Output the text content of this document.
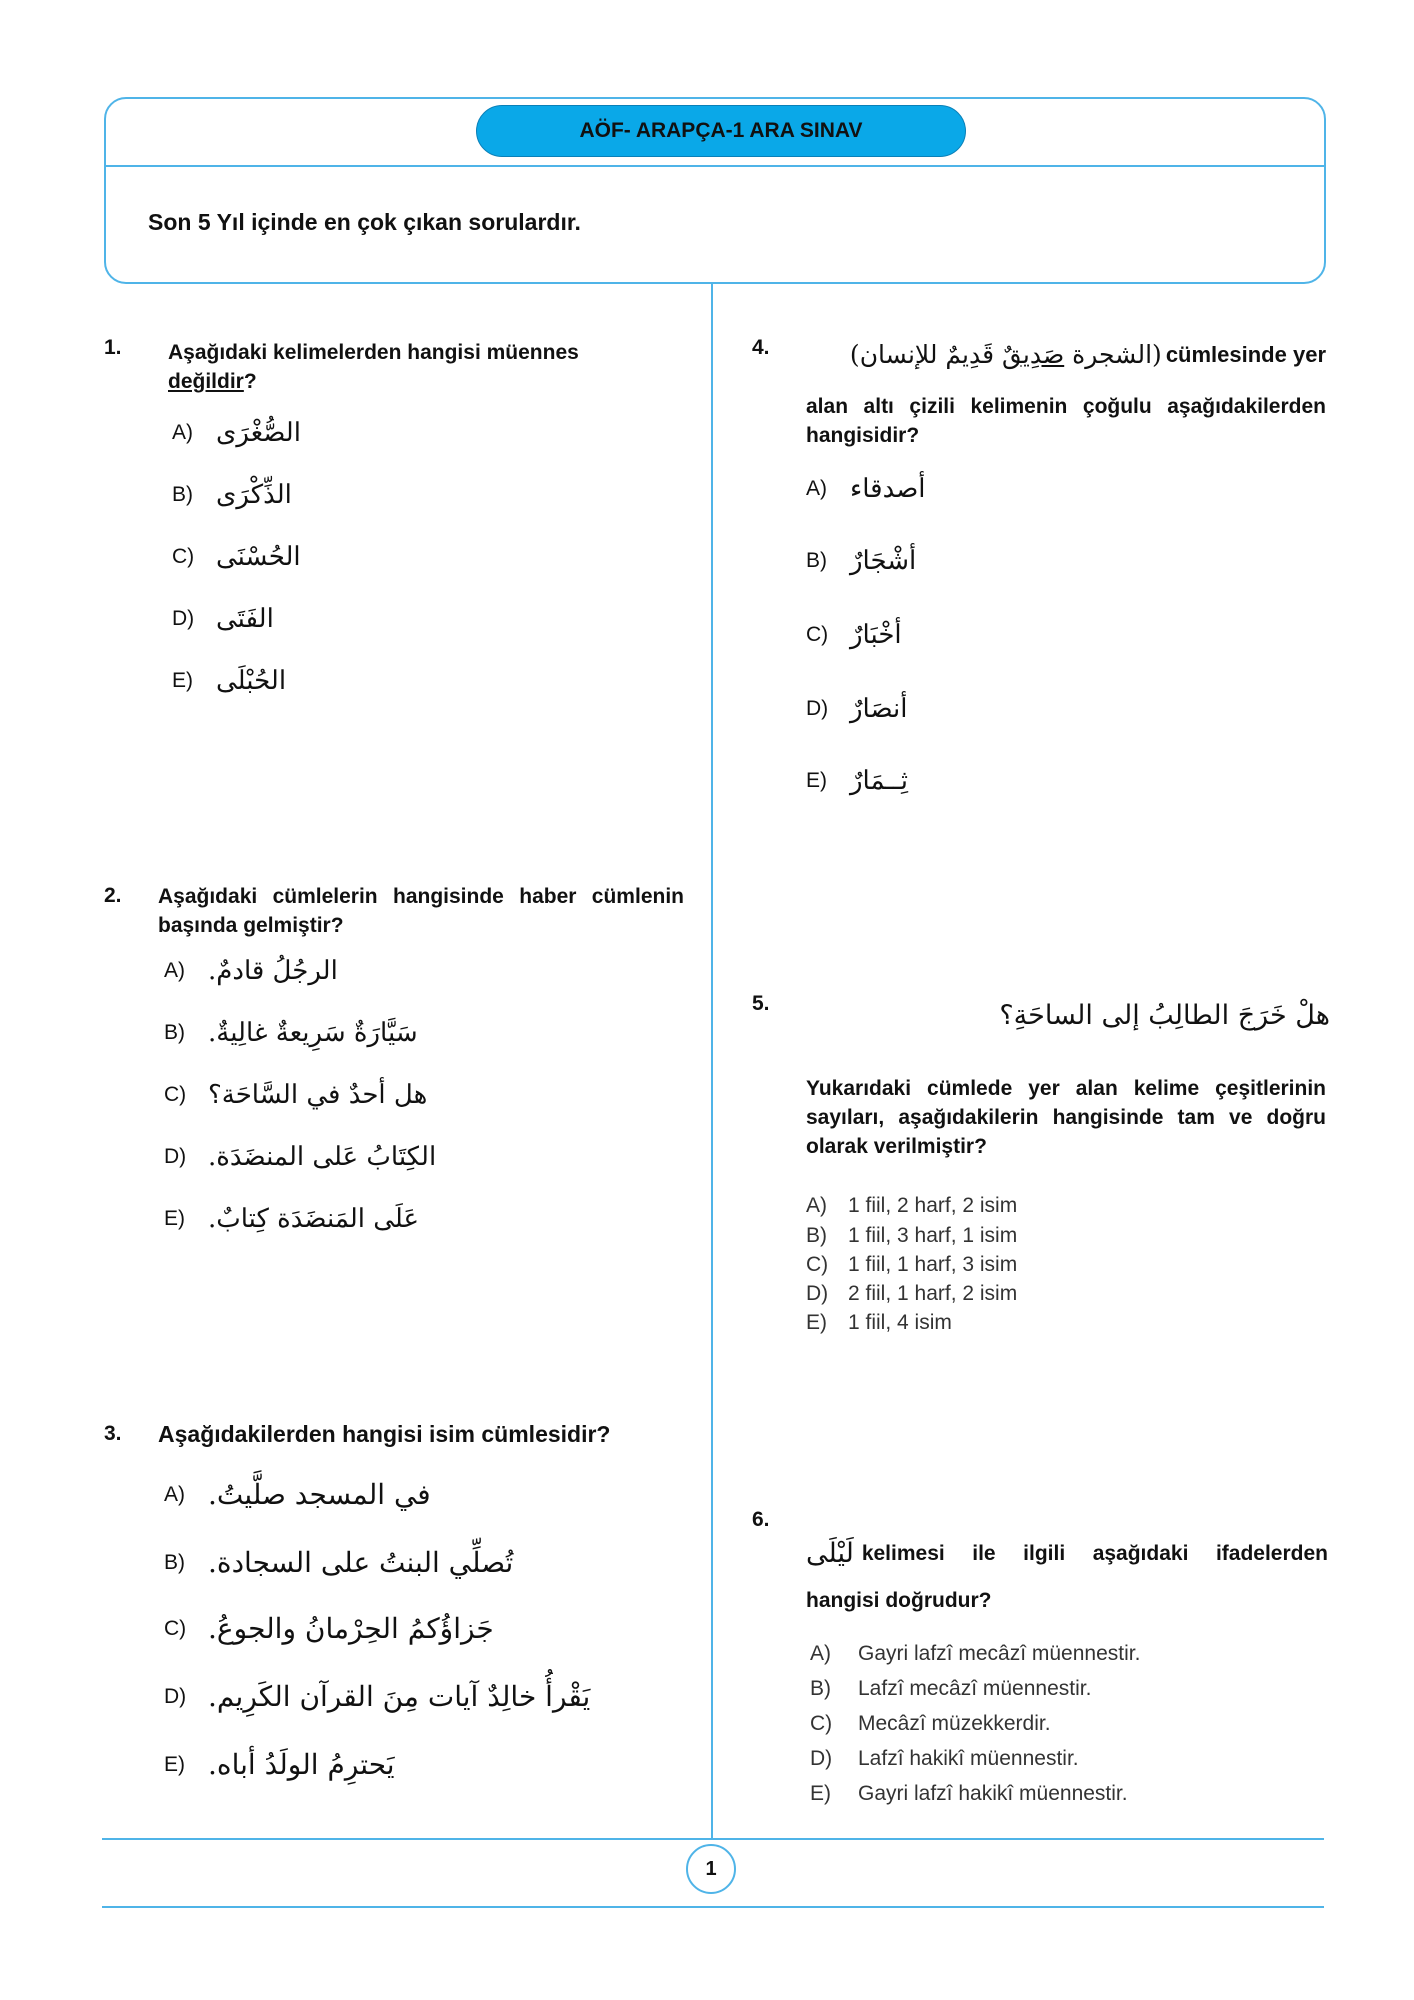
AÖF- ARAPÇA-1 ARA SINAV
Son 5 Yıl içinde en çok çıkan sorulardır.
1. Aşağıdaki kelimelerden hangisi müennes
değildir?
A) الصُّغْرَى
B) الذِّكْرَى
C) الحُسْنَى
D) الفَتَى
E) الحُبْلَى
2. Aşağıdaki cümlelerin hangisinde haber cümlenin başında gelmiştir?
A) الرجُلُ قادمٌ.
B) سَيَّارَةٌ سَرِيعةٌ غالِيةٌ.
C) هل أحدٌ في السَّاحَة؟
D) الكِتَابُ عَلى المنضَدَة.
E) عَلَى المَنضَدَة كِتابٌ.
3. Aşağıdakilerden hangisi isim cümlesidir?
A) في المسجد صلَّيتُ.
B) تُصلِّي البنتُ على السجادة.
C) جَزاؤُكمُ الحِرْمانُ والجوعُ.
D) يَقْرأُ خالِدٌ آيات مِنَ القرآن الكَرِيم.
E) يَحترِمُ الولَدُ أباه.
4.	(الشجرة صَدِيقٌ قَدِيمٌ للإنسان)	cümlesinde yer
alan altı çizili kelimenin çoğulu aşağıdakilerden hangisidir?
A) أصدقاء
B) أشْجَارٌ
C) أخْبَارٌ
D) أنصَارٌ
E) ثِــمَارٌ
5.	هلْ خَرَجَ الطالِبُ إلى الساحَةِ؟
Yukarıdaki cümlede yer alan kelime çeşitlerinin sayıları, aşağıdakilerin hangisinde tam ve doğru olarak verilmiştir?
A) 1 fiil, 2 harf, 2 isim
B) 1 fiil, 3 harf, 1 isim
C) 1 fiil, 1 harf, 3 isim
D) 2 fiil, 1 harf, 2 isim
E) 1 fiil, 4 isim
6.
لَيْلَى kelimesi ile ilgili aşağıdaki ifadelerden
hangisi doğrudur?
A) Gayri lafzî mecâzî müennestir.
B) Lafzî mecâzî müennestir.
C) Mecâzî müzekkerdir.
D) Lafzî hakikî müennestir.
E) Gayri lafzî hakikî müennestir.
1
